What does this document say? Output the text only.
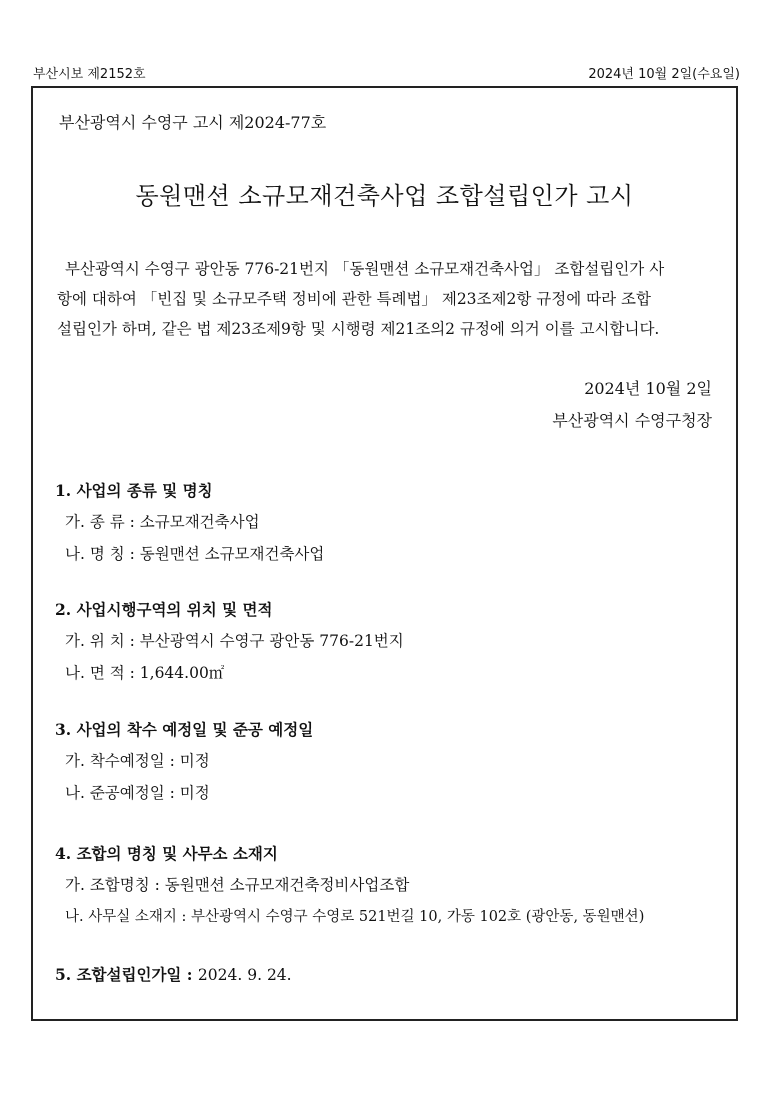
부산시보 제2152호	2024년 10월 2일(수요일)
부산광역시 수영구 고시 제2024-77호
동원맨션 소규모재건축사업 조합설립인가 고시
부산광역시 수영구 광안동 776-21번지 「동원맨션 소규모재건축사업」 조합설립인가 사
항에 대하여 「빈집 및 소규모주택 정비에 관한 특례법」 제23조제2항 규정에 따라 조합
설립인가 하며, 같은 법 제23조제9항 및 시행령 제21조의2 규정에 의거 이를 고시합니다.
2024년 10월 2일
부산광역시 수영구청장
1. 사업의 종류 및 명칭
가. 종 류 : 소규모재건축사업
나. 명 칭 : 동원맨션 소규모재건축사업
2. 사업시행구역의 위치 및 면적
가. 위 치 : 부산광역시 수영구 광안동 776-21번지
나. 면 적 : 1,644.00㎡
3. 사업의 착수 예정일 및 준공 예정일
가. 착수예정일 : 미정
나. 준공예정일 : 미정
4. 조합의 명칭 및 사무소 소재지
가. 조합명칭 : 동원맨션 소규모재건축정비사업조합
나. 사무실 소재지 : 부산광역시 수영구 수영로 521번길 10, 가동 102호 (광안동, 동원맨션)
5. 조합설립인가일 : 2024. 9. 24.
